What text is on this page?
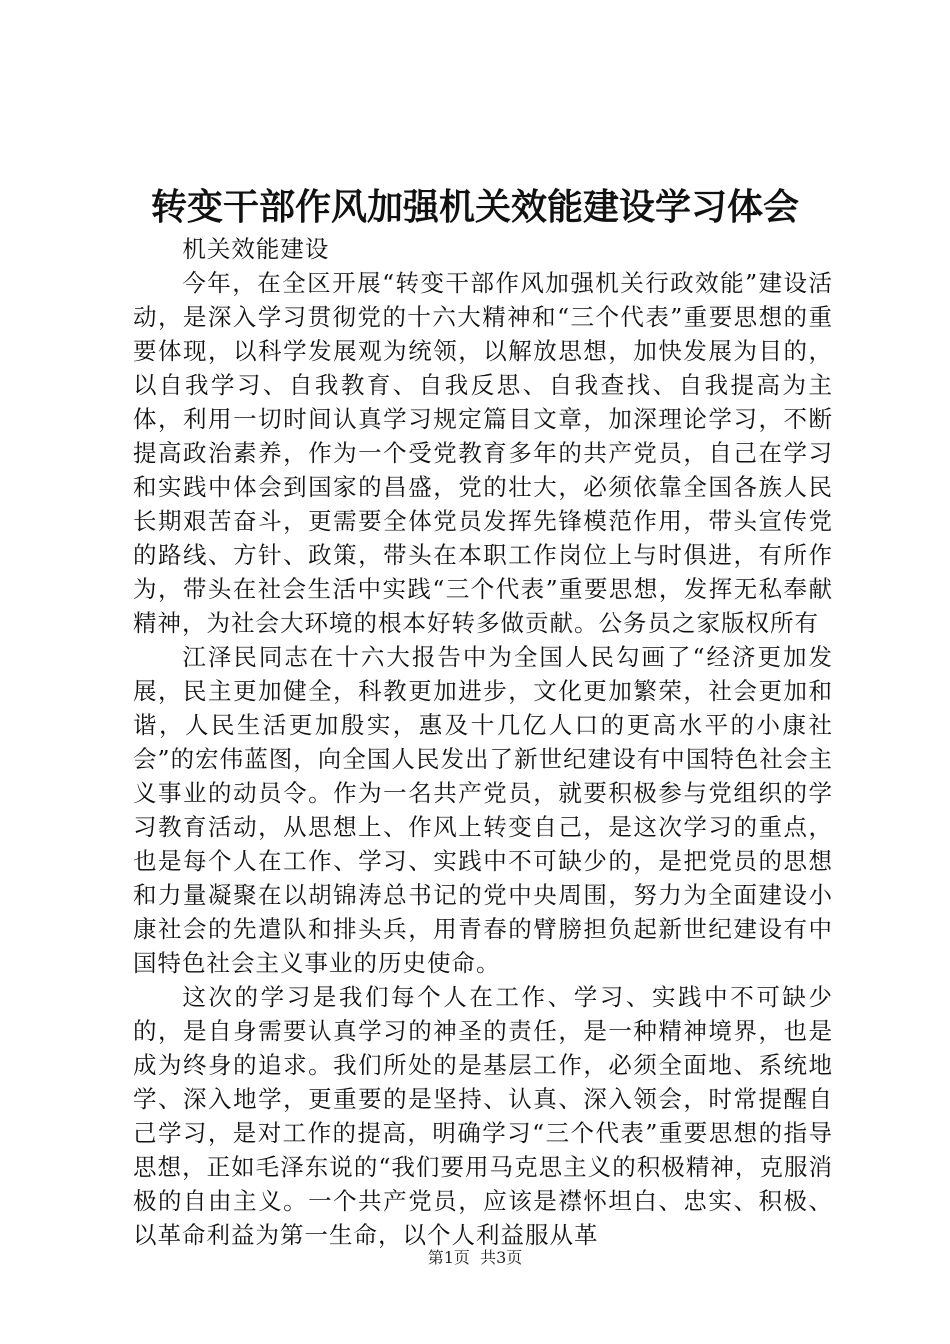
转变干部作风加强机关效能建设学习体会

机关效能建设

今年，在全区开展“转变干部作风加强机关行政效能”建设活动，是深入学习贯彻党的十六大精神和“三个代表”重要思想的重要体现，以科学发展观为统领，以解放思想，加快发展为目的，以自我学习、自我教育、自我反思、自我查找、自我提高为主体，利用一切时间认真学习规定篇目文章，加深理论学习，不断提高政治素养，作为一个受党教育多年的共产党员，自己在学习和实践中体会到国家的昌盛，党的壮大，必须依靠全国各族人民长期艰苦奋斗，更需要全体党员发挥先锋模范作用，带头宣传党的路线、方针、政策，带头在本职工作岗位上与时俱进，有所作为，带头在社会生活中实践“三个代表”重要思想，发挥无私奉献精神，为社会大环境的根本好转多做贡献。公务员之家版权所有

江泽民同志在十六大报告中为全国人民勾画了“经济更加发展，民主更加健全，科教更加进步，文化更加繁荣，社会更加和谐，人民生活更加殷实，惠及十几亿人口的更高水平的小康社会”的宏伟蓝图，向全国人民发出了新世纪建设有中国特色社会主义事业的动员令。作为一名共产党员，就要积极参与党组织的学习教育活动，从思想上、作风上转变自己，是这次学习的重点，也是每个人在工作、学习、实践中不可缺少的，是把党员的思想和力量凝聚在以胡锦涛总书记的党中央周围，努力为全面建设小康社会的先遣队和排头兵，用青春的臂膀担负起新世纪建设有中国特色社会主义事业的历史使命。

这次的学习是我们每个人在工作、学习、实践中不可缺少的，是自身需要认真学习的神圣的责任，是一种精神境界，也是成为终身的追求。我们所处的是基层工作，必须全面地、系统地学、深入地学，更重要的是坚持、认真、深入领会，时常提醒自己学习，是对工作的提高，明确学习“三个代表”重要思想的指导思想，正如毛泽东说的“我们要用马克思主义的积极精神，克服消极的自由主义。一个共产党员，应该是襟怀坦白、忠实、积极、以革命利益为第一生命，以个人利益服从革

第1页 共3页
